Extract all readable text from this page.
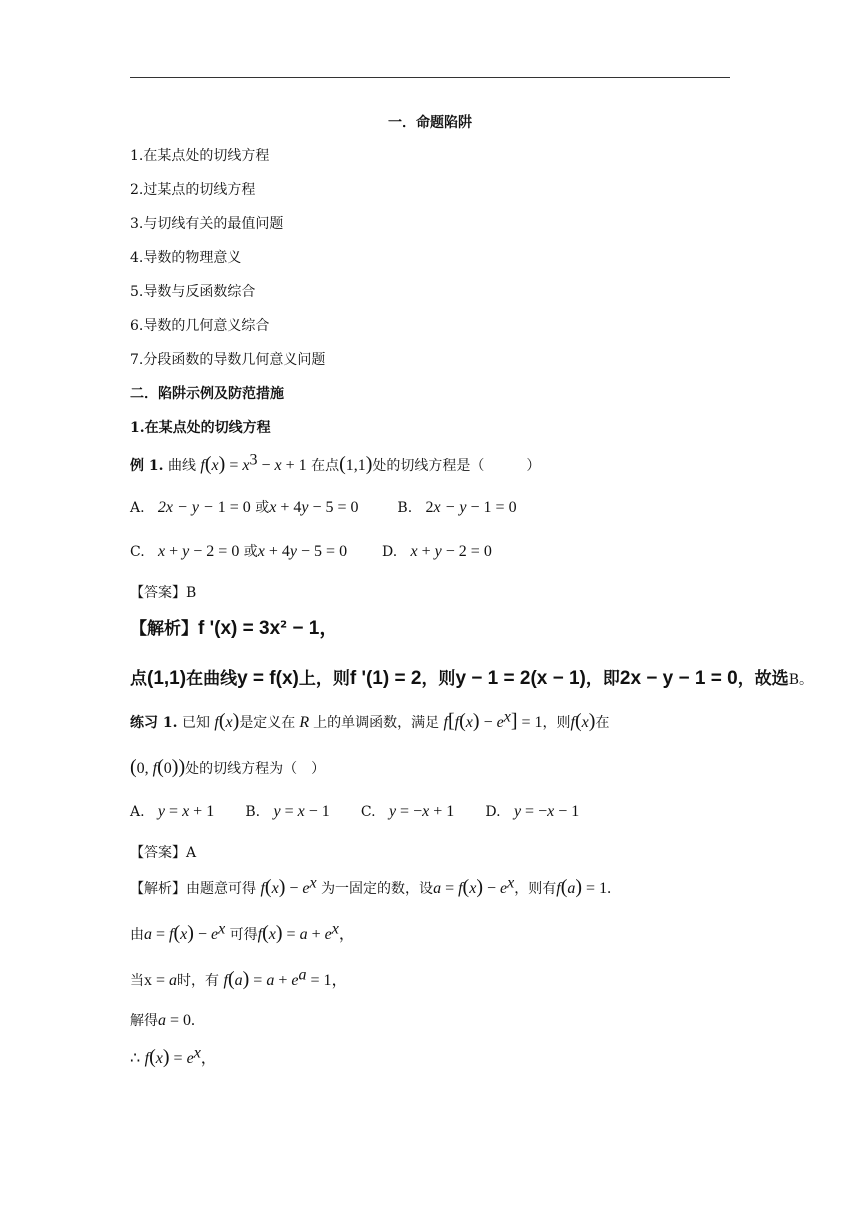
一．命题陷阱
1.在某点处的切线方程
2.过某点的切线方程
3.与切线有关的最值问题
4.导数的物理意义
5.导数与反函数综合
6.导数的几何意义综合
7.分段函数的导数几何意义问题
二．陷阱示例及防范措施
1.在某点处的切线方程
例 1. 曲线 $f(x) = x^3 - x + 1$ 在点(1,1)处的切线方程是（　　　）
A. 2x − y − 1 = 0 或x + 4y − 5 = 0	B. 2x − y − 1 = 0
C. x + y − 2 = 0 或x + 4y − 5 = 0 D. x + y − 2 = 0
【答案】B
【解析】f '$(x) = 3x^2 - 1$，
点(1,1)在曲线y = f(x)上，则f '(1) = 2，则y − 1 = 2(x − 1)，即2x − y − 1 = 0，故选B。
练习 1. 已知 f(x)是定义在 R 上的单调函数，满足 $f[f(x) - e^x] = 1$，则f(x)在
(0, f(0))处的切线方程为（　）
A. y = x + 1 B. y = x − 1 C. y = −x + 1 D. y = −x − 1
【答案】A
【解析】由题意可得 $f(x) - e^x$ 为一固定的数，设$a = f(x) - e^x$，则有f(a) = 1.
由$a = f(x) - e^x$ 可得$f(x) = a + e^x$，
当x = a时，有 $f(a) = a + e^a = 1$，
解得a = 0.
∴ $f(x) = e^x$，
